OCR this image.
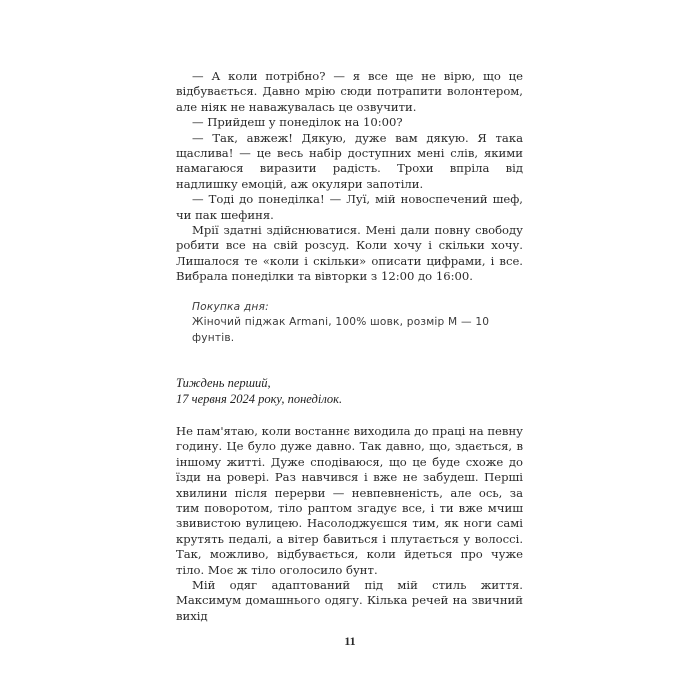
— А коли потрібно? — я все ще не вірю, що це відбувається. Давно мрію сюди потрапити волонтером, але ніяк не наважувалась це озвучити.

— Прийдеш у понеділок на 10:00?

— Так, авжеж! Дякую, дуже вам дякую. Я така щаслива! — це весь набір доступних мені слів, якими намагаюся виразити радість. Трохи впріла від надлишку емоцій, аж окуляри запотіли.

— Тоді до понеділка! — Луї, мій новоспечений шеф, чи пак шефиня.

Мрії здатні здійснюватися. Мені дали повну свободу робити все на свій розсуд. Коли хочу і скільки хочу. Лишалося те «коли і скільки» описати цифрами, і все. Вибрала понеділки та вівторки з 12:00 до 16:00.

Покупка дня:
Жіночий піджак Armani, 100% шовк, розмір M — 10 фунтів.
Тиждень перший,
17 червня 2024 року, понеділок.

Не пам'ятаю, коли востаннє виходила до праці на певну годину. Це було дуже давно. Так давно, що, здається, в іншому житті. Дуже сподіваюся, що це буде схоже до їзди на ровері. Раз навчився і вже не забудеш. Перші хвилини після перерви — невпевненість, але ось, за тим поворотом, тіло раптом згадує все, і ти вже мчиш звивистою вулицею. Насолоджуєшся тим, як ноги самі крутять педалі, а вітер бавиться і плутається у волоссі. Так, можливо, відбувається, коли йдеться про чуже тіло. Моє ж тіло оголосило бунт.

Мій одяг адаптований під мій стиль життя. Максимум домашнього одягу. Кілька речей на звичний вихід

11
